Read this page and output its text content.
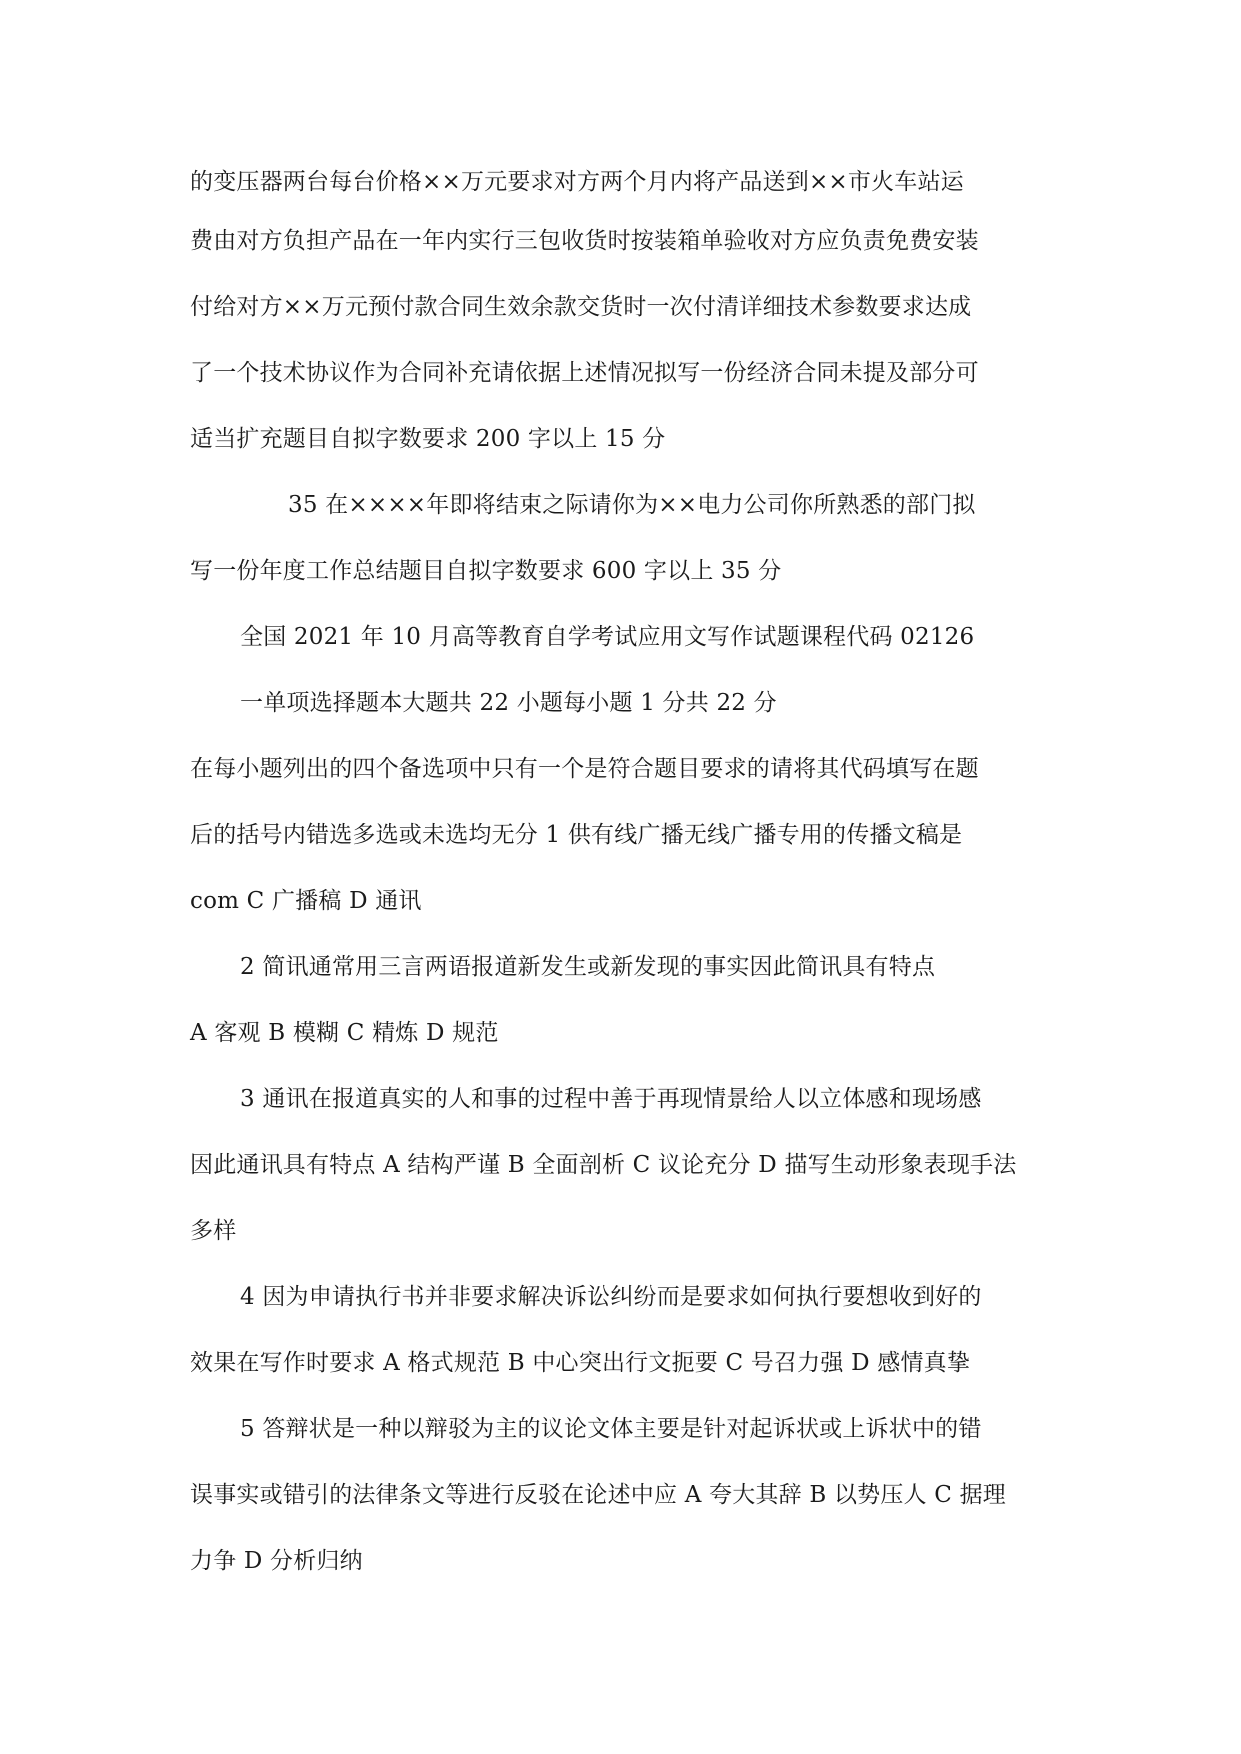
的变压器两台每台价格××万元要求对方两个月内将产品送到××市火车站运
费由对方负担产品在一年内实行三包收货时按装箱单验收对方应负责免费安装
付给对方××万元预付款合同生效余款交货时一次付清详细技术参数要求达成
了一个技术协议作为合同补充请依据上述情况拟写一份经济合同未提及部分可
适当扩充题目自拟字数要求 200 字以上 15 分
35 在××××年即将结束之际请你为××电力公司你所熟悉的部门拟
写一份年度工作总结题目自拟字数要求 600 字以上 35 分
全国 2021 年 10 月高等教育自学考试应用文写作试题课程代码 02126
一单项选择题本大题共 22 小题每小题 1 分共 22 分
在每小题列出的四个备选项中只有一个是符合题目要求的请将其代码填写在题
后的括号内错选多选或未选均无分 1 供有线广播无线广播专用的传播文稿是
com C 广播稿 D 通讯
2 简讯通常用三言两语报道新发生或新发现的事实因此简讯具有特点
A 客观 B 模糊 C 精炼 D 规范
3 通讯在报道真实的人和事的过程中善于再现情景给人以立体感和现场感
因此通讯具有特点 A 结构严谨 B 全面剖析 C 议论充分 D 描写生动形象表现手法
多样
4 因为申请执行书并非要求解决诉讼纠纷而是要求如何执行要想收到好的
效果在写作时要求 A 格式规范 B 中心突出行文扼要 C 号召力强 D 感情真挚
5 答辩状是一种以辩驳为主的议论文体主要是针对起诉状或上诉状中的错
误事实或错引的法律条文等进行反驳在论述中应 A 夸大其辞 B 以势压人 C 据理
力争 D 分析归纳
